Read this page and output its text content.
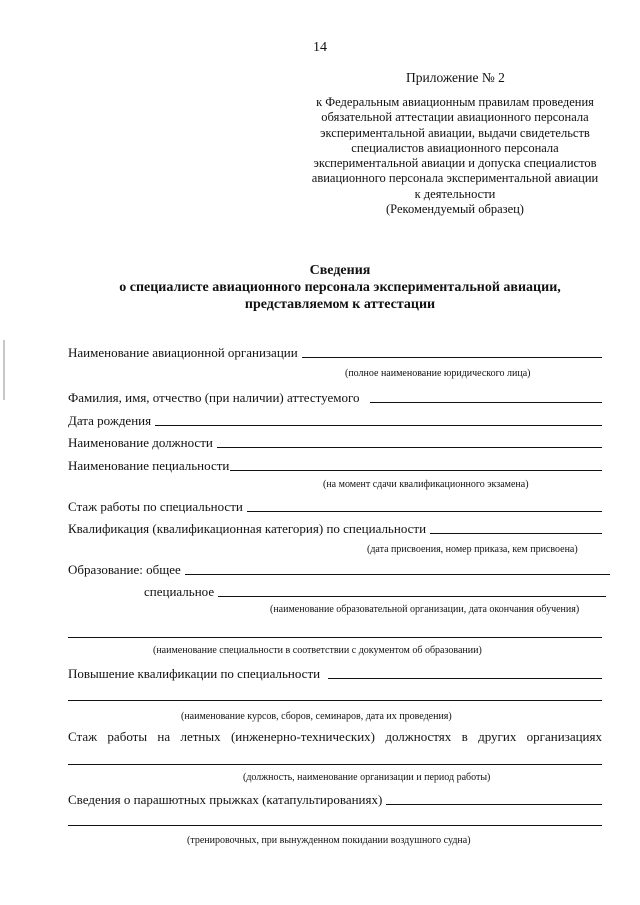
14
Приложение № 2
к Федеральным авиационным правилам проведения
обязательной аттестации авиационного персонала
экспериментальной авиации, выдачи свидетельств
специалистов авиационного персонала
экспериментальной авиации и допуска специалистов
авиационного персонала экспериментальной авиации
к деятельности
(Рекомендуемый образец)
Сведения
о специалисте авиационного персонала экспериментальной авиации,
представляемом к аттестации
Наименование авиационной организации
(полное наименование юридического лица)
Фамилия, имя, отчество (при наличии) аттестуемого
Дата рождения
Наименование должности
Наименование пециальности
(на момент сдачи квалификационного экзамена)
Стаж работы по специальности
Квалификация (квалификационная категория) по специальности
(дата присвоения, номер приказа, кем присвоена)
Образование: общее
специальное
(наименование образовательной организации, дата окончания обучения)
(наименование специальности в соответствии с документом об образовании)
Повышение квалификации по специальности
(наименование курсов, сборов, семинаров, дата их проведения)
Стаж работы на летных (инженерно-технических) должностях в других организациях
(должность, наименование организации и период работы)
Сведения о парашютных прыжках (катапультированиях)
(тренировочных, при вынужденном покидании воздушного судна)
